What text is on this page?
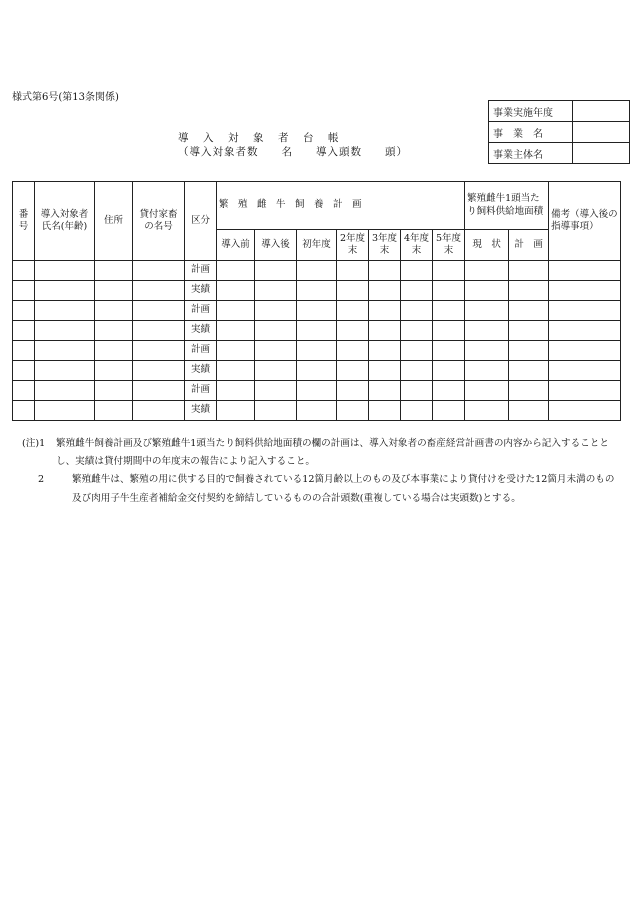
様式第6号(第13条関係)
事業実施年度	
事　業　名	
事業主体名	
導　入　対　象　者　台　帳
（導入対象者数　　名　　導入頭数　　頭）
番号	導入対象者氏名(年齢)	住所	貸付家畜の名号	区分	繁　殖　雌　牛　飼　養　計　画							繁殖雌牛1頭当たり飼料供給地面積		備考（導入後の指導事項）
					導入前	導入後	初年度	2年度末	3年度末	4年度末	5年度末	現　状	計　画	
				計画										
				実績										
				計画										
				実績										
				計画										
				実績										
				計画										
				実績										
(注)1	繁殖雌牛飼養計画及び繁殖雌牛1頭当たり飼料供給地面積の欄の計画は、導入対象者の畜産経営計画書の内容から記入することとし、実績は貸付期間中の年度末の報告により記入すること。
2	繁殖雌牛は、繁殖の用に供する目的で飼養されている12箇月齢以上のもの及び本事業により貸付けを受けた12箇月未満のもの及び肉用子牛生産者補給金交付契約を締結しているものの合計頭数(重複している場合は実頭数)とする。
